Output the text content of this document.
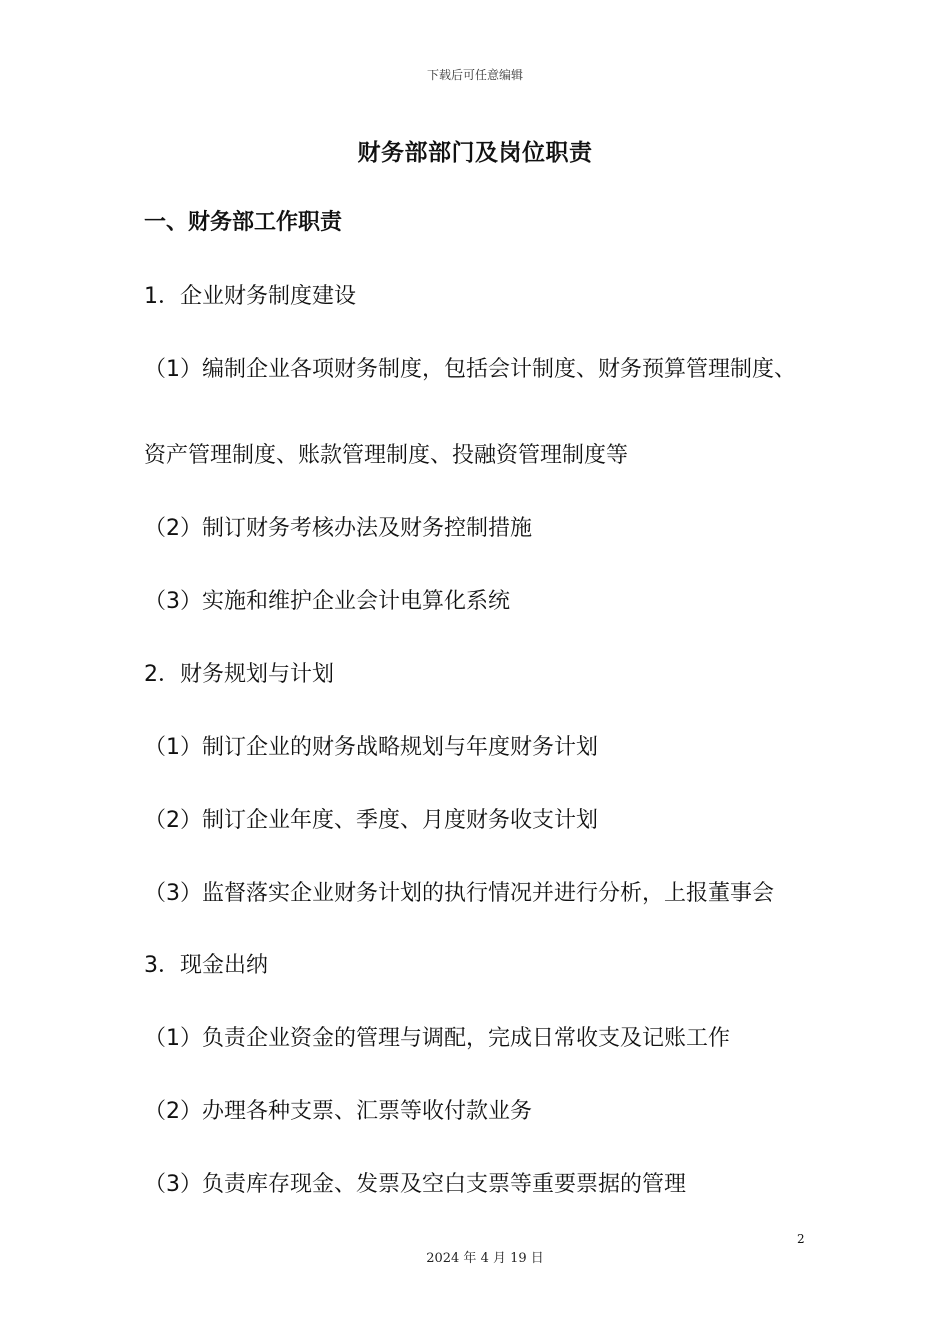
下载后可任意编辑
财务部部门及岗位职责
一、财务部工作职责
1．企业财务制度建设
（1）编制企业各项财务制度，包括会计制度、财务预算管理制度、
资产管理制度、账款管理制度、投融资管理制度等
（2）制订财务考核办法及财务控制措施
（3）实施和维护企业会计电算化系统
2．财务规划与计划
（1）制订企业的财务战略规划与年度财务计划
（2）制订企业年度、季度、月度财务收支计划
（3）监督落实企业财务计划的执行情况并进行分析，上报董事会
3．现金出纳
（1）负责企业资金的管理与调配，完成日常收支及记账工作
（2）办理各种支票、汇票等收付款业务
（3）负责库存现金、发票及空白支票等重要票据的管理
2
2024 年 4 月 19 日
